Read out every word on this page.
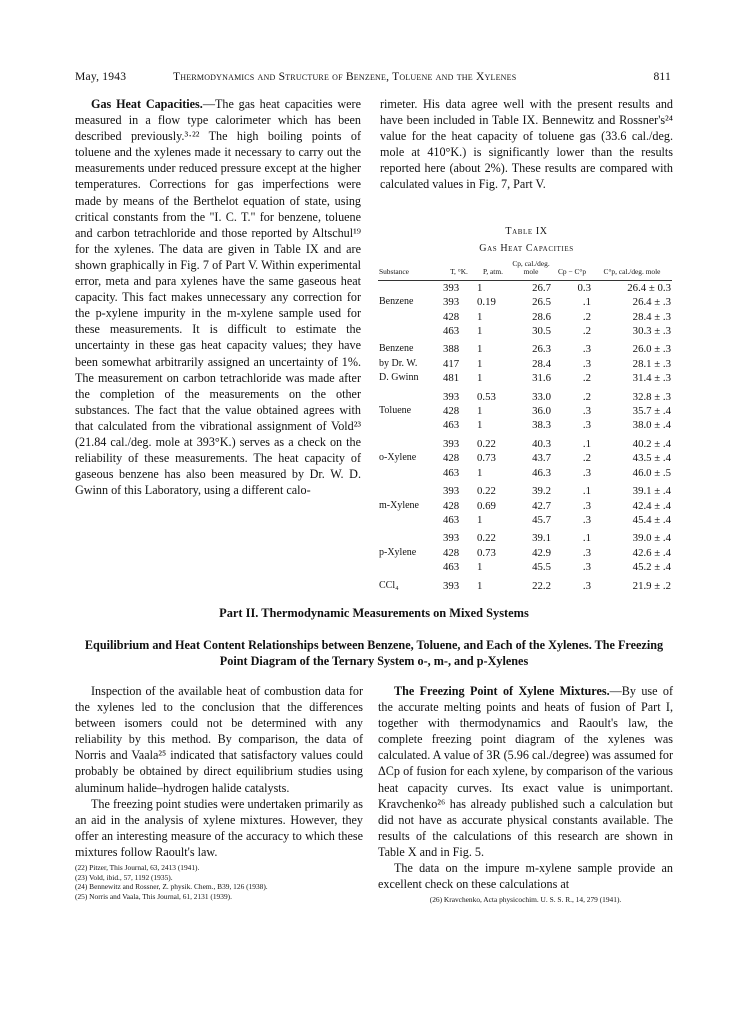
May, 1943	Thermodynamics and Structure of Benzene, Toluene and the Xylenes	811

Gas Heat Capacities.—The gas heat capacities were measured in a flow type calorimeter which has been described previously.³·²² The high boiling points of toluene and the xylenes made it necessary to carry out the measurements under reduced pressure except at the higher temperatures. Corrections for gas imperfections were made by means of the Berthelot equation of state, using critical constants from the "I. C. T." for benzene, toluene and carbon tetrachloride and those reported by Altschul¹⁹ for the xylenes. The data are given in Table IX and are shown graphically in Fig. 7 of Part V. Within experimental error, meta and para xylenes have the same gaseous heat capacity. This fact makes unnecessary any correction for the p-xylene impurity in the m-xylene sample used for these measurements. It is difficult to estimate the uncertainty in these gas heat capacity values; they have been somewhat arbitrarily assigned an uncertainty of 1%. The measurement on carbon tetrachloride was made after the completion of the measurements on the other substances. The fact that the value obtained agrees with that calculated from the vibrational assignment of Vold²³ (21.84 cal./deg. mole at 393°K.) serves as a check on the reliability of these measurements. The heat capacity of gaseous benzene has also been measured by Dr. W. D. Gwinn of this Laboratory, using a different calo-

rimeter. His data agree well with the present results and have been included in Table IX. Bennewitz and Rossner's²⁴ value for the heat capacity of toluene gas (33.6 cal./deg. mole at 410°K.) is significantly lower than the results reported here (about 2%). These results are compared with calculated values in Fig. 7, Part V.

Table IX
Gas Heat Capacities
Substance	T, °K.	P, atm.	Cp, cal./deg. mole	Cp − C°p	C°p, cal./deg. mole
	393	1	26.7	0.3	26.4 ± 0.3
Benzene	393	0.19	26.5	.1	26.4 ± .3
	428	1	28.6	.2	28.4 ± .3
	463	1	30.5	.2	30.3 ± .3
Benzene	388	1	26.3	.3	26.0 ± .3
by Dr. W.	417	1	28.4	.3	28.1 ± .3
D. Gwinn	481	1	31.6	.2	31.4 ± .3
	393	0.53	33.0	.2	32.8 ± .3
Toluene	428	1	36.0	.3	35.7 ± .4
	463	1	38.3	.3	38.0 ± .4
	393	0.22	40.3	.1	40.2 ± .4
o-Xylene	428	0.73	43.7	.2	43.5 ± .4
	463	1	46.3	.3	46.0 ± .5
	393	0.22	39.2	.1	39.1 ± .4
m-Xylene	428	0.69	42.7	.3	42.4 ± .4
	463	1	45.7	.3	45.4 ± .4
	393	0.22	39.1	.1	39.0 ± .4
p-Xylene	428	0.73	42.9	.3	42.6 ± .4
	463	1	45.5	.3	45.2 ± .4
CCl₄	393	1	22.2	.3	21.9 ± .2
Part II. Thermodynamic Measurements on Mixed Systems
Equilibrium and Heat Content Relationships between Benzene, Toluene, and Each of the Xylenes. The Freezing Point Diagram of the Ternary System o-, m-, and p-Xylenes

Inspection of the available heat of combustion data for the xylenes led to the conclusion that the differences between isomers could not be determined with any reliability by this method. By comparison, the data of Norris and Vaala²⁵ indicated that satisfactory values could probably be obtained by direct equilibrium studies using aluminum halide–hydrogen halide catalysts.

The freezing point studies were undertaken primarily as an aid in the analysis of xylene mixtures. However, they offer an interesting measure of the accuracy to which these mixtures follow Raoult's law.

(22) Pitzer, This Journal, 63, 2413 (1941).

(23) Vold, ibid., 57, 1192 (1935).

(24) Bennewitz and Rossner, Z. physik. Chem., B39, 126 (1938).

(25) Norris and Vaala, This Journal, 61, 2131 (1939).

The Freezing Point of Xylene Mixtures.—By use of the accurate melting points and heats of fusion of Part I, together with thermodynamics and Raoult's law, the complete freezing point diagram of the xylenes was calculated. A value of 3R (5.96 cal./degree) was assumed for ΔCp of fusion for each xylene, by comparison of the various heat capacity curves. Its exact value is unimportant. Kravchenko²⁶ has already published such a calculation but did not have as accurate physical constants available. The results of the calculations of this research are shown in Table X and in Fig. 5.

The data on the impure m-xylene sample provide an excellent check on these calculations at

(26) Kravchenko, Acta physicochim. U. S. S. R., 14, 279 (1941).
